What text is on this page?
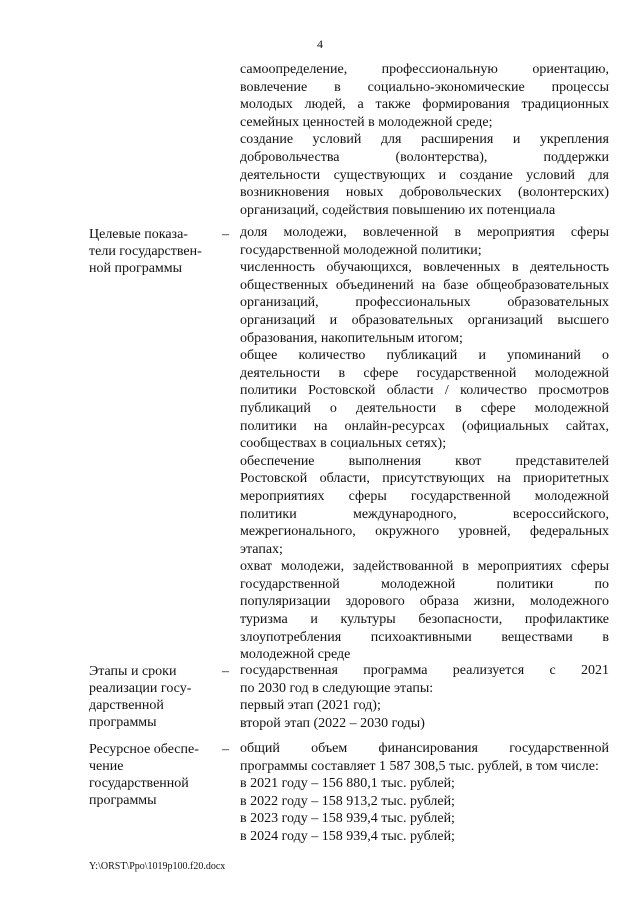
4
самоопределение, профессиональную ориентацию,
вовлечение в социально-экономические процессы
молодых людей, а также формирования традиционных
семейных ценностей в молодежной среде;
создание условий для расширения и укрепления
добровольчества (волонтерства), поддержки
деятельности существующих и создание условий для
возникновения новых добровольческих (волонтерских)
организаций, содействия повышению их потенциала
Целевые показа-
тели государствен-
ной программы
– доля молодежи, вовлеченной в мероприятия сферы
государственной молодежной политики;
численность обучающихся, вовлеченных в деятельность
общественных объединений на базе общеобразовательных
организаций, профессиональных образовательных
организаций и образовательных организаций высшего
образования, накопительным итогом;
общее количество публикаций и упоминаний о
деятельности в сфере государственной молодежной
политики Ростовской области / количество просмотров
публикаций о деятельности в сфере молодежной
политики на онлайн-ресурсах (официальных сайтах,
сообществах в социальных сетях);
обеспечение выполнения квот представителей
Ростовской области, присутствующих на приоритетных
мероприятиях сферы государственной молодежной
политики международного, всероссийского,
межрегионального, окружного уровней, федеральных
этапах;
охват молодежи, задействованной в мероприятиях сферы
государственной молодежной политики по
популяризации здорового образа жизни, молодежного
туризма и культуры безопасности, профилактике
злоупотребления психоактивными веществами в
молодежной среде
Этапы и сроки
реализации госу-
дарственной
программы
– государственная программа реализуется с 2021
по 2030 год в следующие этапы:
первый этап (2021 год);
второй этап (2022 – 2030 годы)
Ресурсное обеспе-
чение
государственной
программы
– общий объем финансирования государственной
программы составляет 1 587 308,5 тыс. рублей, в том числе:
в 2021 году – 156 880,1 тыс. рублей;
в 2022 году – 158 913,2 тыс. рублей;
в 2023 году – 158 939,4 тыс. рублей;
в 2024 году – 158 939,4 тыс. рублей;
Y:\ORST\Ppo\1019p100.f20.docx
